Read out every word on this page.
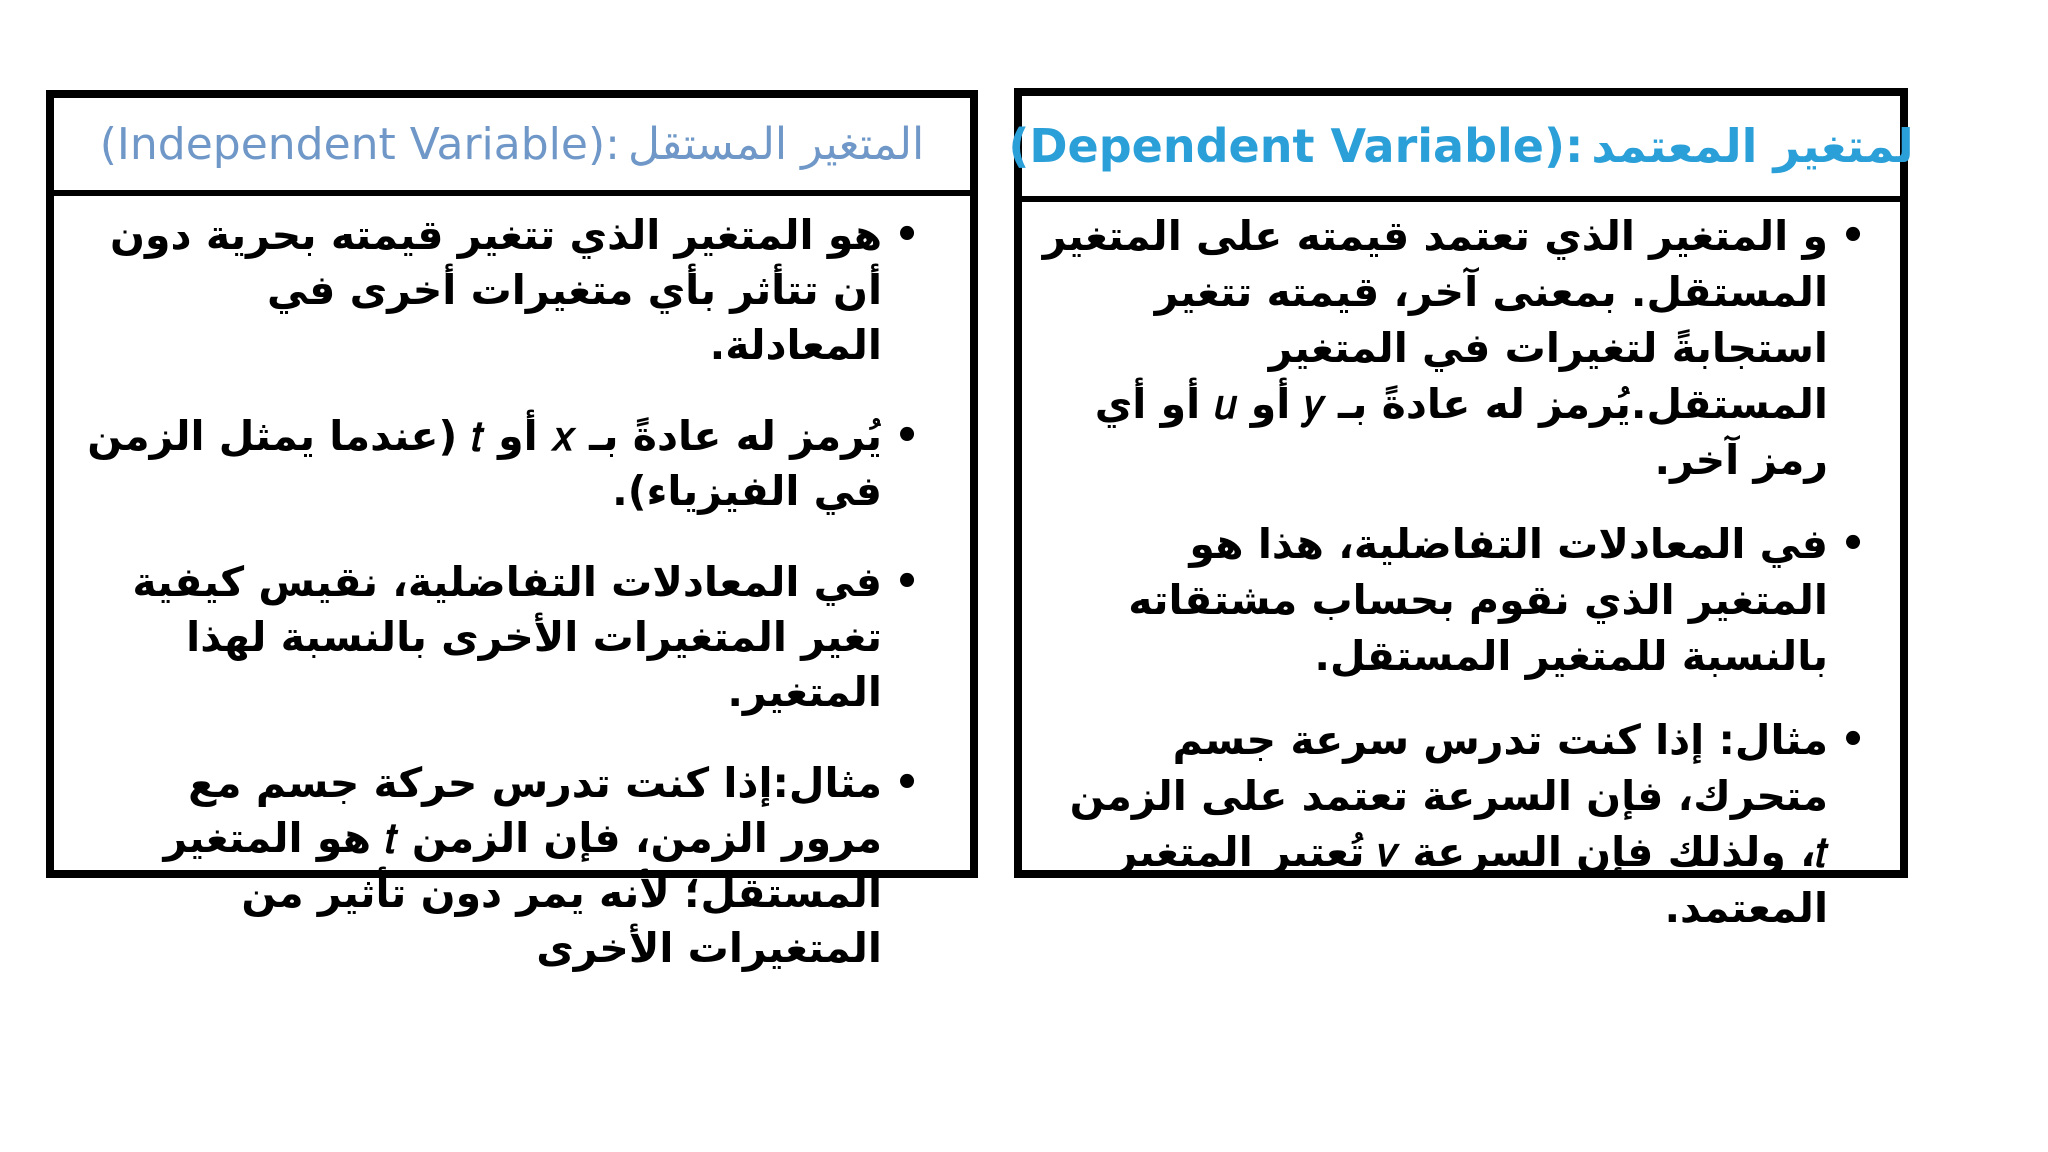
(Dependent Variable): لمتغير المعتمد
•
و المتغير الذي تعتمد قيمته على المتغير المستقل. بمعنى آخر، قيمته تتغير استجابةً لتغيرات في المتغير المستقل.يُرمز له عادةً بـ 𝑦 أو 𝑢 أو أي رمز آخر.
•
في المعادلات التفاضلية، هذا هو المتغير الذي نقوم بحساب مشتقاته بالنسبة للمتغير المستقل.
•
مثال: إذا كنت تدرس سرعة جسم متحرك، فإن السرعة تعتمد على الزمن 𝑡، ولذلك فإن السرعة 𝑣 تُعتبر المتغير المعتمد.
(Independent Variable): المتغير المستقل
•
هو المتغير الذي تتغير قيمته بحرية دون أن تتأثر بأي متغيرات أخرى في المعادلة.
•
يُرمز له عادةً بـ 𝑥 أو 𝑡 (عندما يمثل الزمن في الفيزياء).
•
في المعادلات التفاضلية، نقيس كيفية تغير المتغيرات الأخرى بالنسبة لهذا المتغير.
•
مثال:إذا كنت تدرس حركة جسم مع مرور الزمن، فإن الزمن 𝑡 هو المتغير المستقل؛ لأنه يمر دون تأثير من المتغيرات الأخرى
